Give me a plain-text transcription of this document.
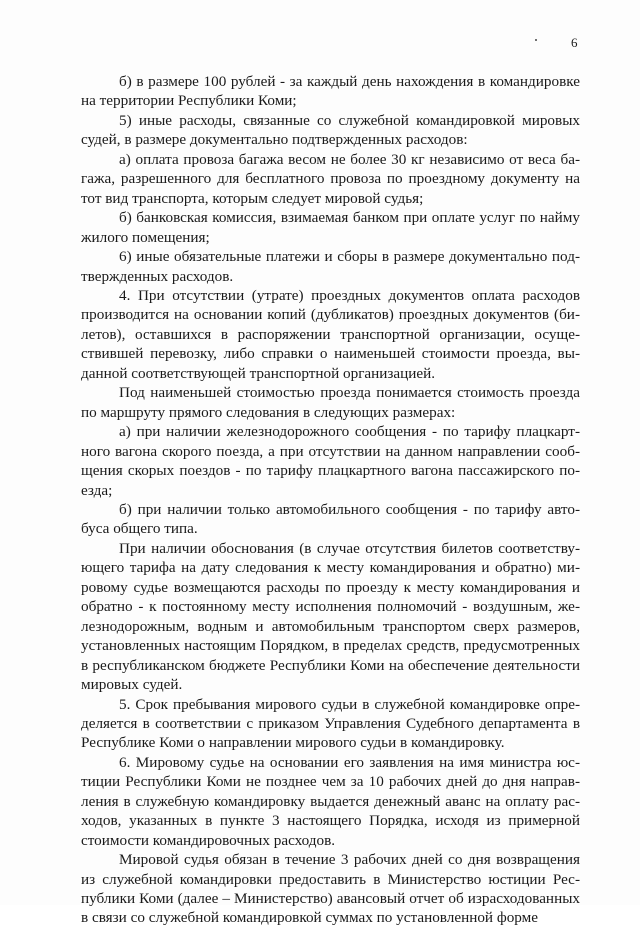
6

б) в размере 100 рублей - за каждый день нахождения в командировке на территории Республики Коми;

5) иные расходы, связанные со служебной командировкой мировых судей, в размере документально подтвержденных расходов:

а) оплата провоза багажа весом не более 30 кг независимо от веса багажа, разрешенного для бесплатного провоза по проездному документу на тот вид транспорта, которым следует мировой судья;

б) банковская комиссия, взимаемая банком при оплате услуг по найму жилого помещения;

6) иные обязательные платежи и сборы в размере документально подтвержденных расходов.

4. При отсутствии (утрате) проездных документов оплата расходов производится на основании копий (дубликатов) проездных документов (билетов), оставшихся в распоряжении транспортной организации, осуществившей перевозку, либо справки о наименьшей стоимости проезда, выданной соответствующей транспортной организацией.

Под наименьшей стоимостью проезда понимается стоимость проезда по маршруту прямого следования в следующих размерах:

а) при наличии железнодорожного сообщения - по тарифу плацкартного вагона скорого поезда, а при отсутствии на данном направлении сообщения скорых поездов - по тарифу плацкартного вагона пассажирского поезда;

б) при наличии только автомобильного сообщения - по тарифу автобуса общего типа.

При наличии обоснования (в случае отсутствия билетов соответствующего тарифа на дату следования к месту командирования и обратно) мировому судье возмещаются расходы по проезду к месту командирования и обратно - к постоянному месту исполнения полномочий - воздушным, железнодорожным, водным и автомобильным транспортом сверх размеров, установленных настоящим Порядком, в пределах средств, предусмотренных в республиканском бюджете Республики Коми на обеспечение деятельности мировых судей.

5. Срок пребывания мирового судьи в служебной командировке определяется в соответствии с приказом Управления Судебного департамента в Республике Коми о направлении мирового судьи в командировку.

6. Мировому судье на основании его заявления на имя министра юстиции Республики Коми не позднее чем за 10 рабочих дней до дня направления в служебную командировку выдается денежный аванс на оплату расходов, указанных в пункте 3 настоящего Порядка, исходя из примерной стоимости командировочных расходов.

Мировой судья обязан в течение 3 рабочих дней со дня возвращения из служебной командировки предоставить в Министерство юстиции Республики Коми (далее – Министерство) авансовый отчет об израсходованных в связи со служебной командировкой суммах по установленной форме
